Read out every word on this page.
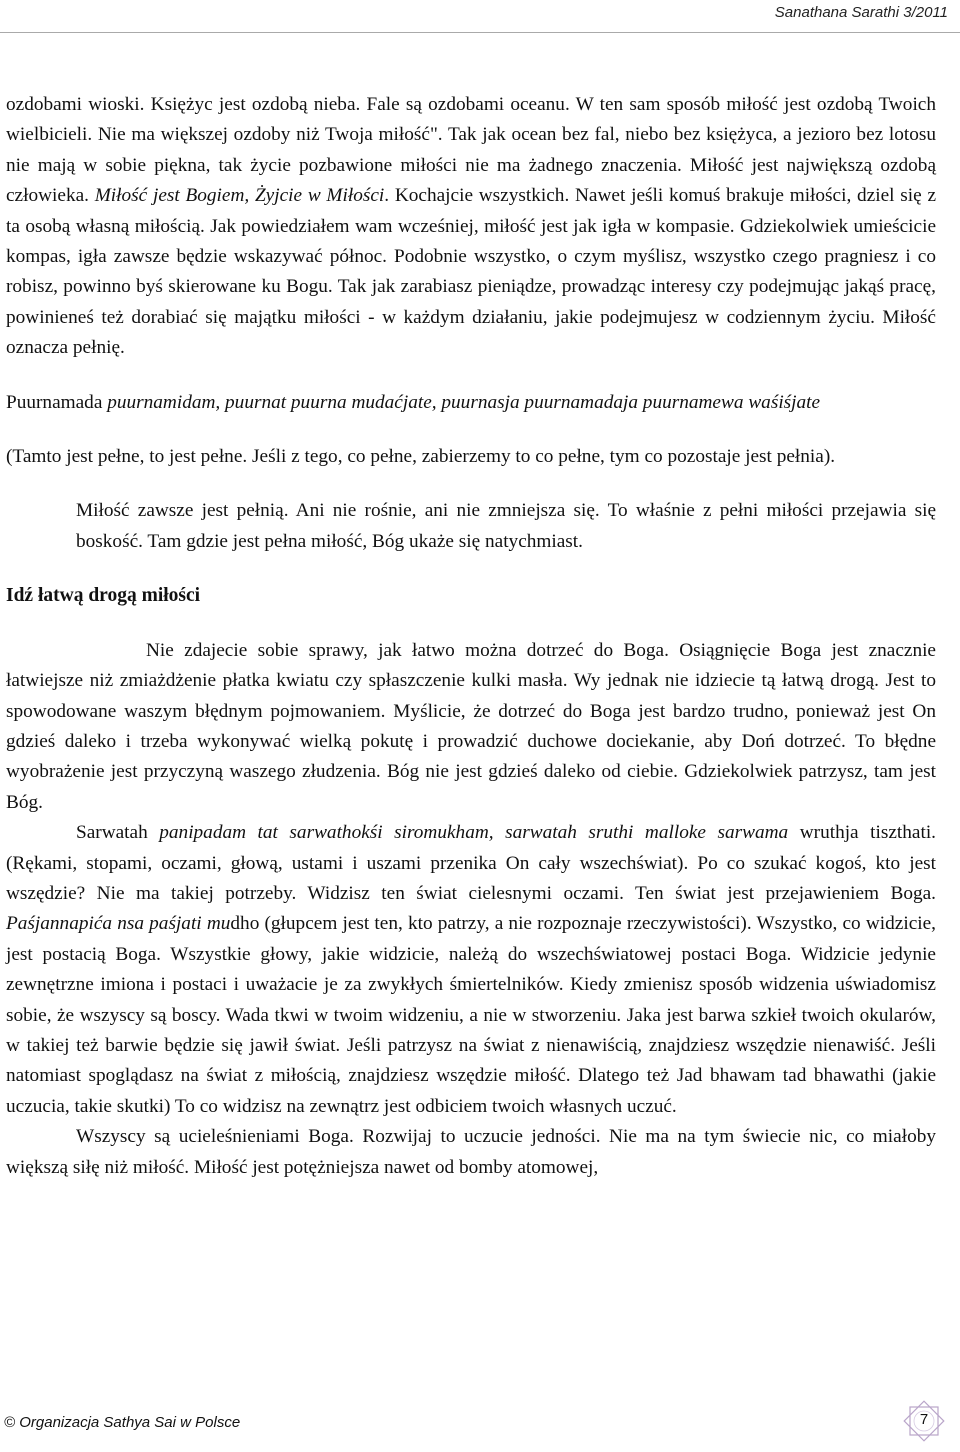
Sanathana Sarathi 3/2011

ozdobami wioski. Księżyc jest ozdobą nieba. Fale są ozdobami oceanu. W ten sam sposób miłość jest ozdobą Twoich wielbicieli. Nie ma większej ozdoby niż Twoja miłość". Tak jak ocean bez fal, niebo bez księżyca, a jezioro bez lotosu nie mają w sobie piękna, tak życie pozbawione miłości nie ma żadnego znaczenia. Miłość jest największą ozdobą człowieka. Miłość jest Bogiem, Żyjcie w Miłości. Kochajcie wszystkich. Nawet jeśli komuś brakuje miłości, dziel się z ta osobą własną miłością. Jak powiedziałem wam wcześniej, miłość jest jak igła w kompasie. Gdziekolwiek umieścicie kompas, igła zawsze będzie wskazywać północ. Podobnie wszystko, o czym myślisz, wszystko czego pragniesz i co robisz, powinno byś skierowane ku Bogu. Tak jak zarabiasz pieniądze, prowadząc interesy czy podejmując jakąś pracę, powinieneś też dorabiać się majątku miłości - w każdym działaniu, jakie podejmujesz w codziennym życiu. Miłość oznacza pełnię.

Puurnamada puurnamidam, puurnat puurna mudaćjate, puurnasja puurnamadaja puurnamewa waśiśjate

(Tamto jest pełne, to jest pełne. Jeśli z tego, co pełne, zabierzemy to co pełne, tym co pozostaje jest pełnia).

Miłość zawsze jest pełnią. Ani nie rośnie, ani nie zmniejsza się. To właśnie z pełni miłości przejawia się boskość. Tam gdzie jest pełna miłość, Bóg ukaże się natychmiast.

Idź łatwą drogą miłości

Nie zdajecie sobie sprawy, jak łatwo można dotrzeć do Boga. Osiągnięcie Boga jest znacznie łatwiejsze niż zmiażdżenie płatka kwiatu czy spłaszczenie kulki masła. Wy jednak nie idziecie tą łatwą drogą. Jest to spowodowane waszym błędnym pojmowaniem. Myślicie, że dotrzeć do Boga jest bardzo trudno, ponieważ jest On gdzieś daleko i trzeba wykonywać wielką pokutę i prowadzić duchowe dociekanie, aby Doń dotrzeć. To błędne wyobrażenie jest przyczyną waszego złudzenia. Bóg nie jest gdzieś daleko od ciebie. Gdziekolwiek patrzysz, tam jest Bóg.

Sarwatah panipadam tat sarwathokśi siromukham, sarwatah sruthi malloke sarwama wruthja tiszthati. (Rękami, stopami, oczami, głową, ustami i uszami przenika On cały wszechświat). Po co szukać kogoś, kto jest wszędzie? Nie ma takiej potrzeby. Widzisz ten świat cielesnymi oczami. Ten świat jest przejawieniem Boga. Paśjannapića nsa paśjati mudho (głupcem jest ten, kto patrzy, a nie rozpoznaje rzeczywistości). Wszystko, co widzicie, jest postacią Boga. Wszystkie głowy, jakie widzicie, należą do wszechświatowej postaci Boga. Widzicie jedynie zewnętrzne imiona i postaci i uważacie je za zwykłych śmiertelników. Kiedy zmienisz sposób widzenia uświadomisz sobie, że wszyscy są boscy. Wada tkwi w twoim widzeniu, a nie w stworzeniu. Jaka jest barwa szkieł twoich okularów, w takiej też barwie będzie się jawił świat. Jeśli patrzysz na świat z nienawiścią, znajdziesz wszędzie nienawiść. Jeśli natomiast spoglądasz na świat z miłością, znajdziesz wszędzie miłość. Dlatego też Jad bhawam tad bhawathi (jakie uczucia, takie skutki) To co widzisz na zewnątrz jest odbiciem twoich własnych uczuć.

Wszyscy są ucieleśnieniami Boga. Rozwijaj to uczucie jedności. Nie ma na tym świecie nic, co miałoby większą siłę niż miłość. Miłość jest potężniejsza nawet od bomby atomowej,

© Organizacja Sathya Sai w Polsce	7
